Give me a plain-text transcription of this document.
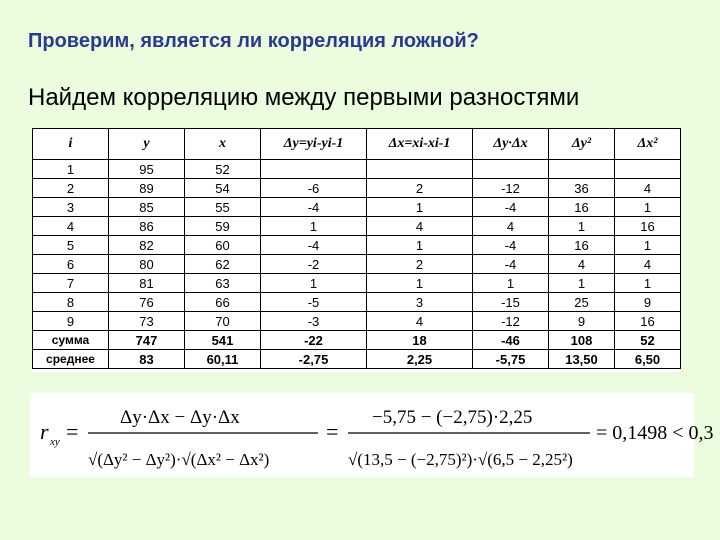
Проверим, является ли корреляция ложной?
Найдем корреляцию между первыми разностями
i	y	x	Δy=yi-yi-1	Δx=xi-xi-1	Δy·Δx	Δy²	Δx²
1	95	52					
2	89	54	-6	2	-12	36	4
3	85	55	-4	1	-4	16	1
4	86	59	1	4	4	1	16
5	82	60	-4	1	-4	16	1
6	80	62	-2	2	-4	4	4
7	81	63	1	1	1	1	1
8	76	66	-5	3	-15	25	9
9	73	70	-3	4	-12	9	16
сумма	747	541	-22	18	-46	108	52
среднее	83	60,11	-2,75	2,25	-5,75	13,50	6,50
r xy =
Δy·Δx − Δy·Δx
√(Δy² − Δy²)·√(Δx² − Δx²)
=
−5,75 − (−2,75)·2,25
√(13,5 − (−2,75)²)·√(6,5 − 2,25²)
= 0,1498 < 0,3
